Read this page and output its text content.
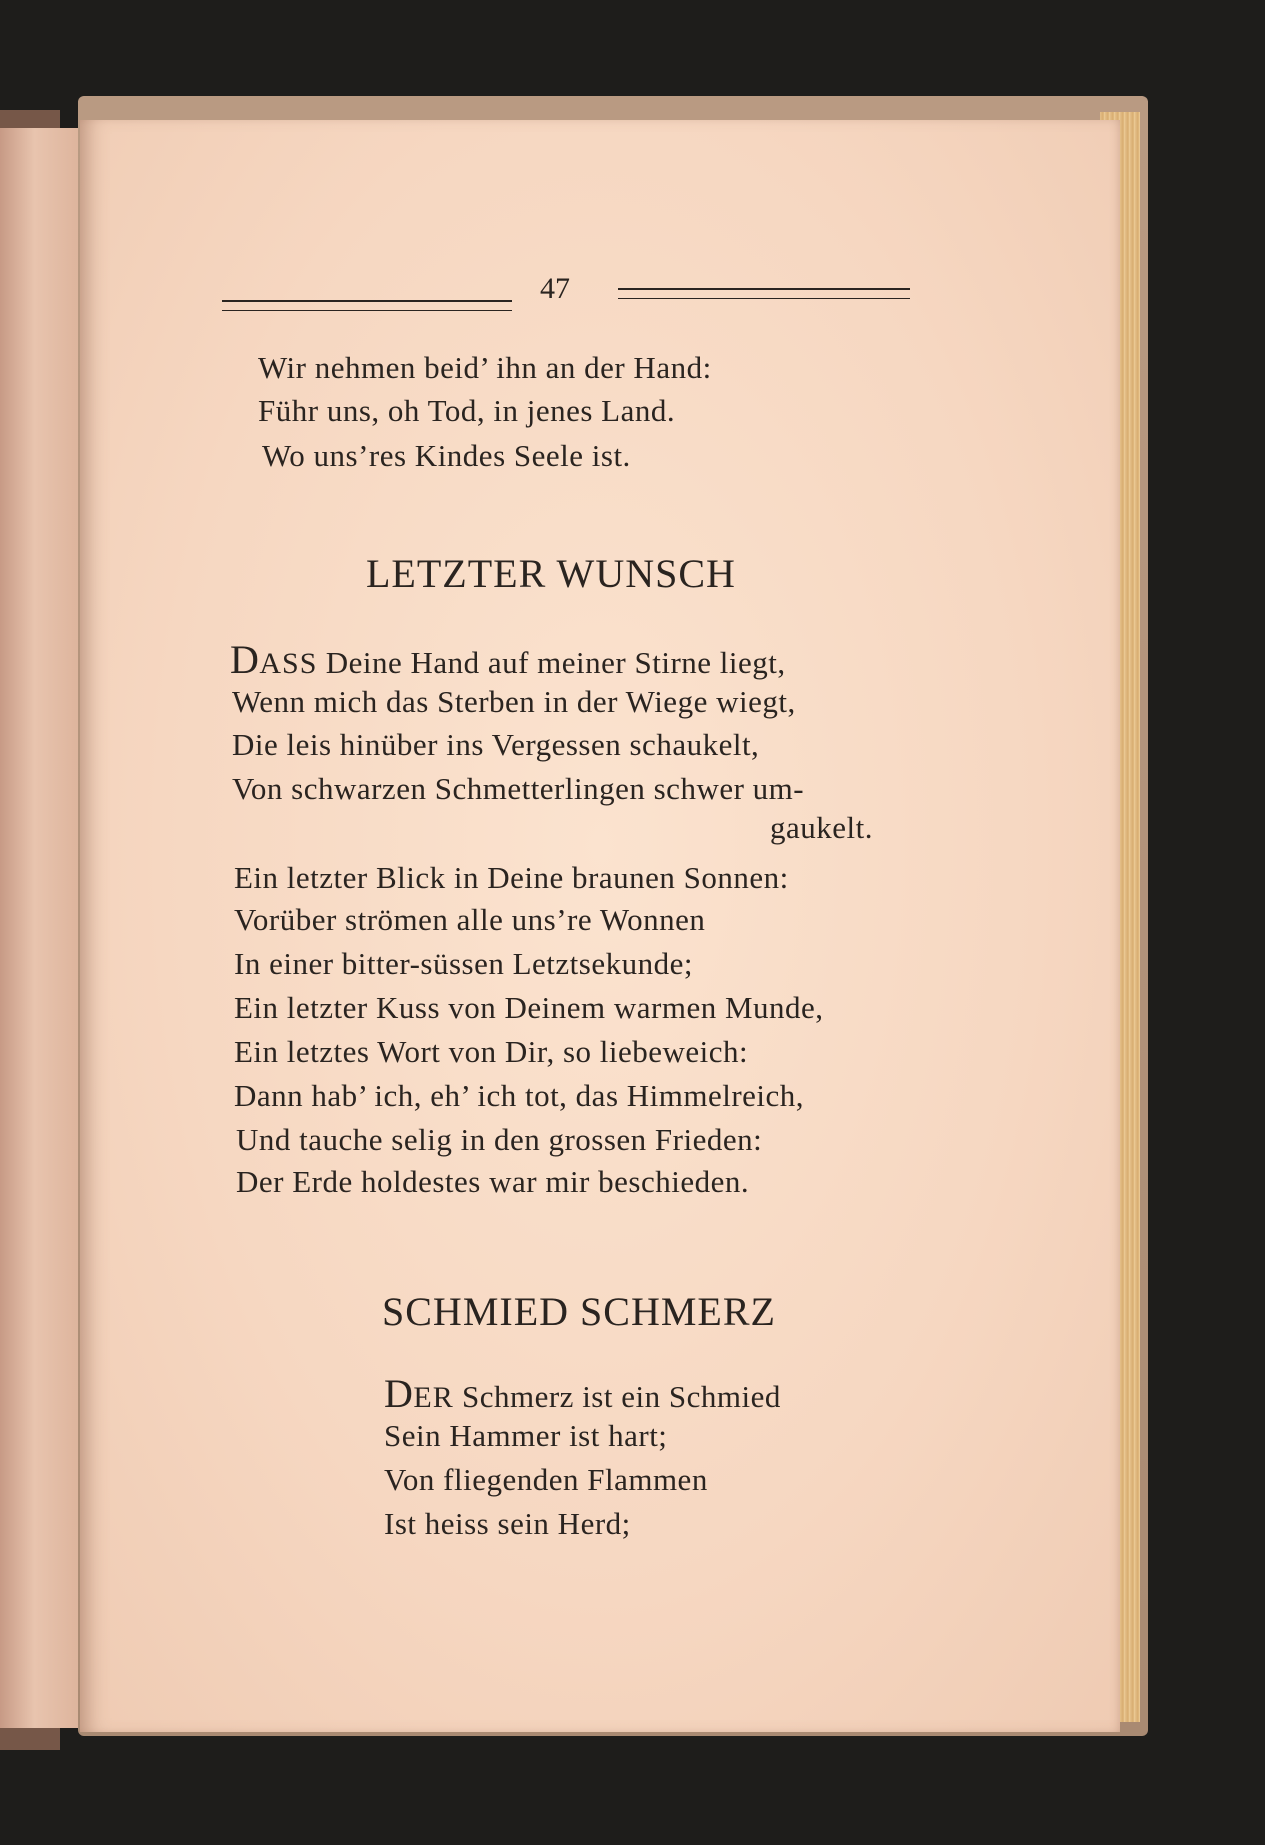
47
Wir nehmen beid’ ihn an der Hand:
Führ uns, oh Tod, in jenes Land.
Wo uns’res Kindes Seele ist.
LETZTER WUNSCH
DASS Deine Hand auf meiner Stirne liegt,
Wenn mich das Sterben in der Wiege wiegt,
Die leis hinüber ins Vergessen schaukelt,
Von schwarzen Schmetterlingen schwer um-
gaukelt.
Ein letzter Blick in Deine braunen Sonnen:
Vorüber strömen alle uns’re Wonnen
In einer bitter-süssen Letztsekunde;
Ein letzter Kuss von Deinem warmen Munde,
Ein letztes Wort von Dir, so liebeweich:
Dann hab’ ich, eh’ ich tot, das Himmelreich,
Und tauche selig in den grossen Frieden:
Der Erde holdestes war mir beschieden.
SCHMIED SCHMERZ
DER Schmerz ist ein Schmied
Sein Hammer ist hart;
Von fliegenden Flammen
Ist heiss sein Herd;
